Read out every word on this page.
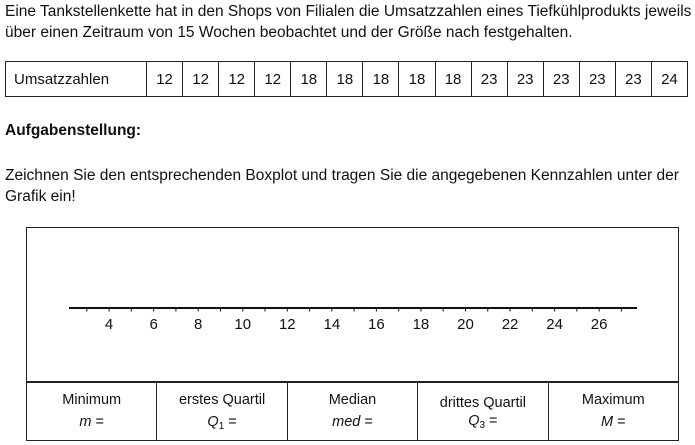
Eine Tankstellenkette hat in den Shops von Filialen die Umsatzzahlen eines Tiefkühlprodukts jeweils über einen Zeitraum von 15 Wochen beobachtet und der Größe nach festgehalten.
Umsatzzahlen	12	12	12	12	18	18	18	18	18	23	23	23	23	23	24
Aufgabenstellung:
Zeichnen Sie den entsprechenden Boxplot und tragen Sie die angegebenen Kennzahlen unter der Grafik ein!
4 6 8 10 12 14 16 18 20 22 24 26
Minimum
m =

erstes Quartil
$Q_1$ =

Median
med =

drittes Quartil
$Q_3$ =

Maximum
M =
